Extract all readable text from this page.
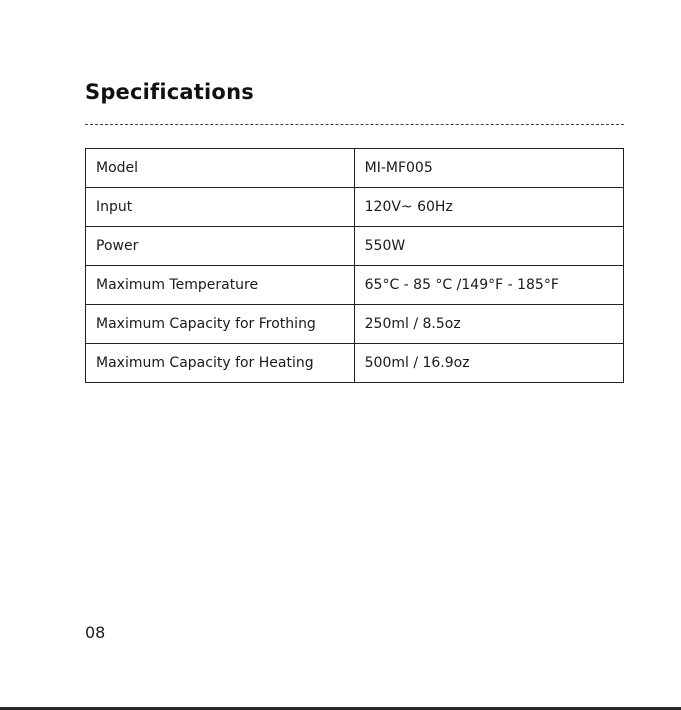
Specifications
Model	MI-MF005
Input	120V~ 60Hz
Power	550W
Maximum Temperature	65°C - 85 °C /149°F - 185°F
Maximum Capacity for Frothing	250ml / 8.5oz
Maximum Capacity for Heating	500ml / 16.9oz
08
